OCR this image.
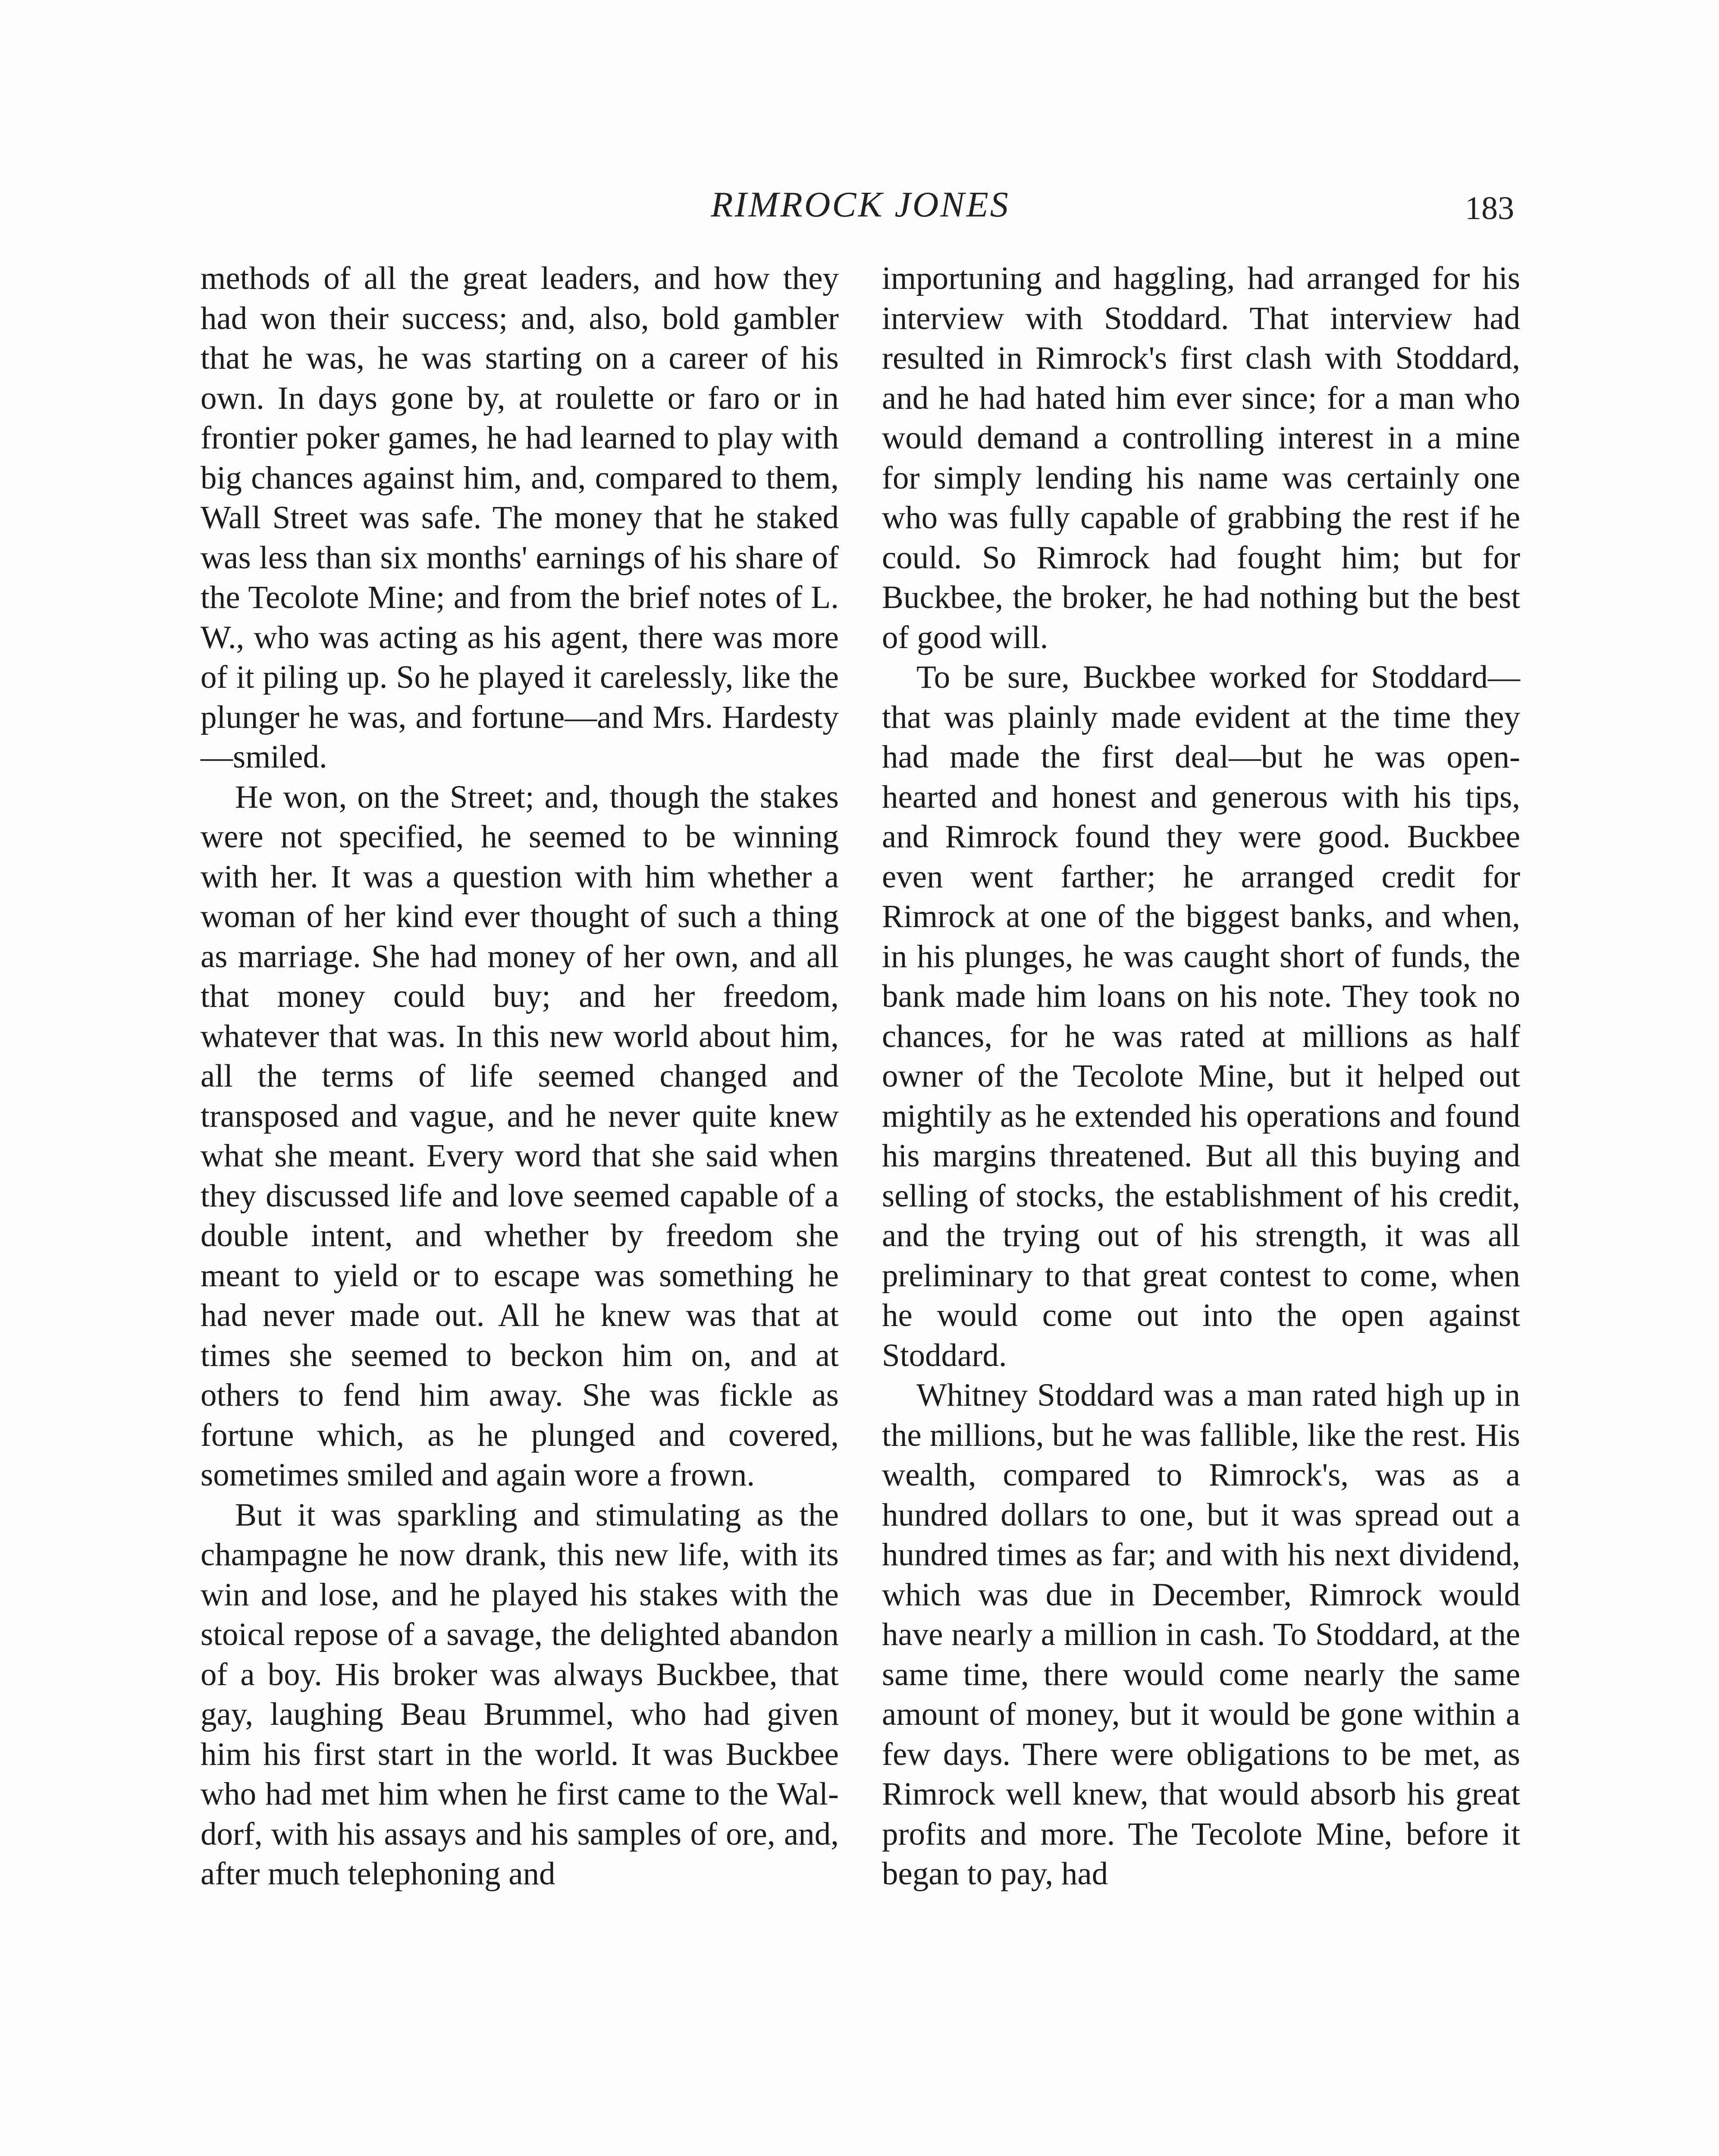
RIMROCK JONES	183

methods of all the great leaders, and how they had won their success; and, also, bold gambler that he was, he was starting on a career of his own. In days gone by, at roulette or faro or in frontier poker games, he had learned to play with big chances against him, and, compared to them, Wall Street was safe. The money that he staked was less than six months' earnings of his share of the Tecolote Mine; and from the brief notes of L. W., who was acting as his agent, there was more of it piling up. So he played it carelessly, like the plunger he was, and fortune—and Mrs. Hardesty—smiled.

He won, on the Street; and, though the stakes were not specified, he seemed to be winning with her. It was a question with him whether a woman of her kind ever thought of such a thing as marriage. She had money of her own, and all that money could buy; and her freedom, whatever that was. In this new world about him, all the terms of life seemed changed and transposed and vague, and he never quite knew what she meant. Every word that she said when they discussed life and love seemed capable of a double intent, and whether by freedom she meant to yield or to escape was something he had never made out. All he knew was that at times she seemed to beckon him on, and at others to fend him away. She was fickle as fortune which, as he plunged and covered, sometimes smiled and again wore a frown.

But it was sparkling and stimulating as the champagne he now drank, this new life, with its win and lose, and he played his stakes with the stoical repose of a savage, the delighted abandon of a boy. His broker was always Buckbee, that gay, laughing Beau Brummel, who had given him his first start in the world. It was Buckbee who had met him when he first came to the Waldorf, with his assays and his samples of ore, and, after much telephoning and

importuning and haggling, had arranged for his interview with Stoddard. That interview had resulted in Rimrock's first clash with Stoddard, and he had hated him ever since; for a man who would demand a controlling interest in a mine for simply lending his name was certainly one who was fully capable of grabbing the rest if he could. So Rimrock had fought him; but for Buckbee, the broker, he had nothing but the best of good will.

To be sure, Buckbee worked for Stoddard—that was plainly made evident at the time they had made the first deal—but he was open-hearted and honest and generous with his tips, and Rimrock found they were good. Buckbee even went farther; he arranged credit for Rimrock at one of the biggest banks, and when, in his plunges, he was caught short of funds, the bank made him loans on his note. They took no chances, for he was rated at millions as half owner of the Tecolote Mine, but it helped out mightily as he extended his operations and found his margins threatened. But all this buying and selling of stocks, the establishment of his credit, and the trying out of his strength, it was all preliminary to that great contest to come, when he would come out into the open against Stoddard.

Whitney Stoddard was a man rated high up in the millions, but he was fallible, like the rest. His wealth, compared to Rimrock's, was as a hundred dollars to one, but it was spread out a hundred times as far; and with his next dividend, which was due in December, Rimrock would have nearly a million in cash. To Stoddard, at the same time, there would come nearly the same amount of money, but it would be gone within a few days. There were obligations to be met, as Rimrock well knew, that would absorb his great profits and more. The Tecolote Mine, before it began to pay, had
